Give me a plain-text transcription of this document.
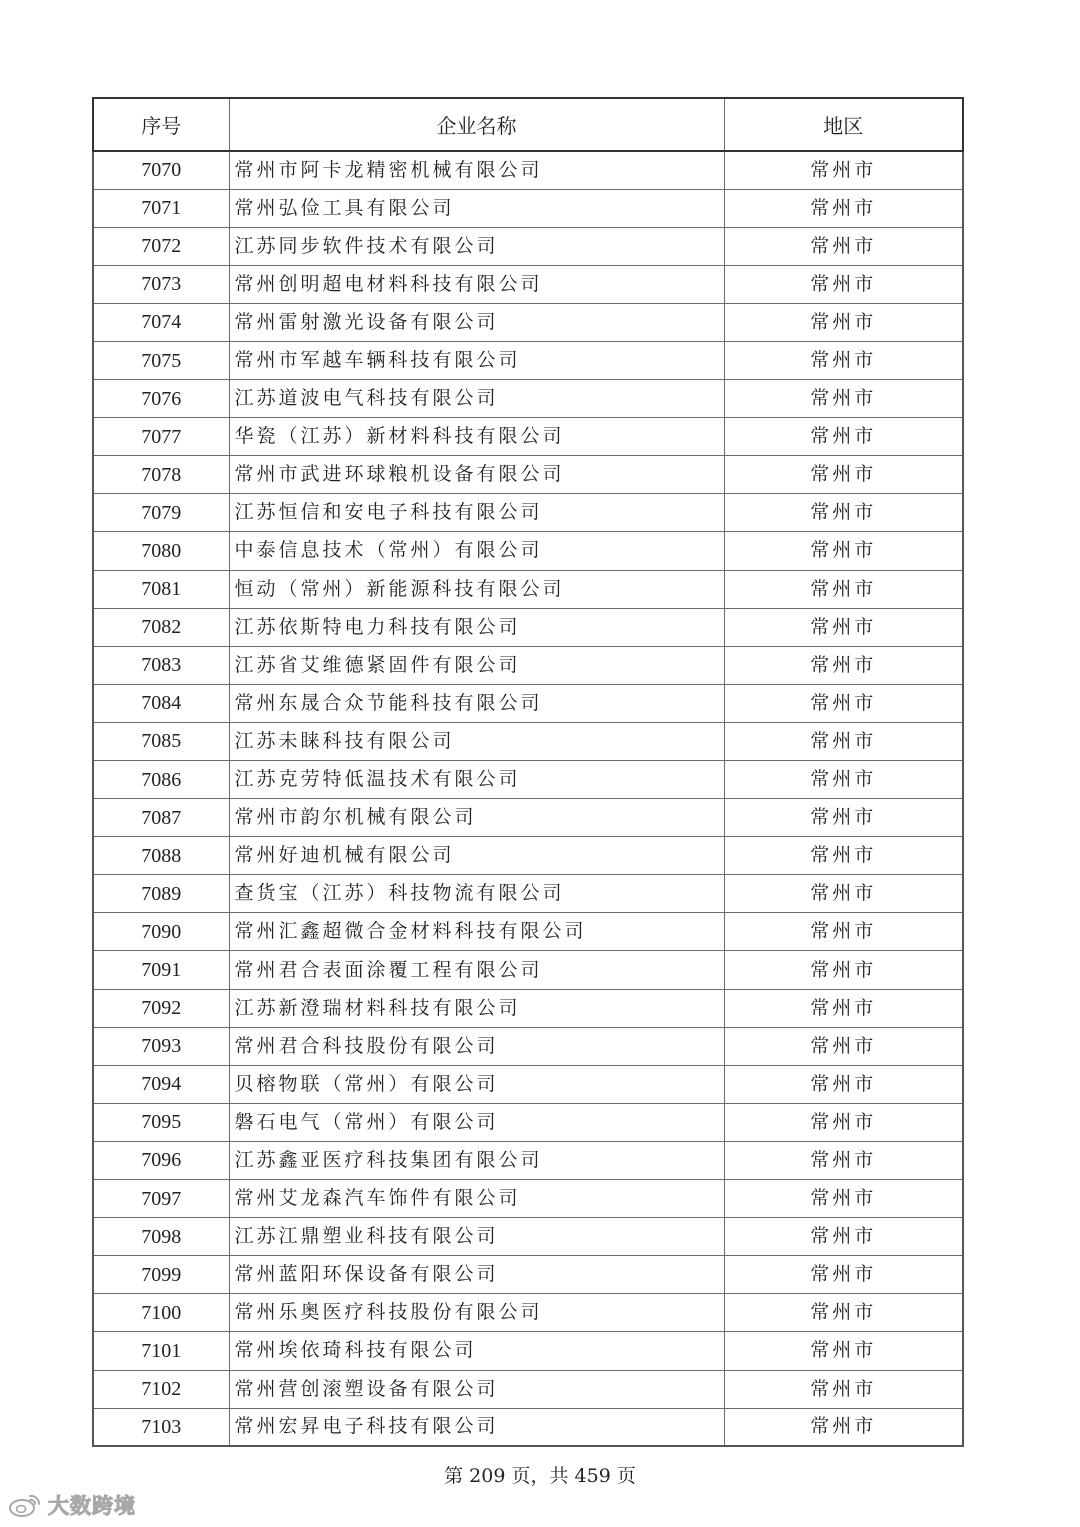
序号	企业名称	地区
7070	常州市阿卡龙精密机械有限公司	常州市
7071	常州弘俭工具有限公司	常州市
7072	江苏同步软件技术有限公司	常州市
7073	常州创明超电材料科技有限公司	常州市
7074	常州雷射激光设备有限公司	常州市
7075	常州市军越车辆科技有限公司	常州市
7076	江苏道波电气科技有限公司	常州市
7077	华瓷（江苏）新材料科技有限公司	常州市
7078	常州市武进环球粮机设备有限公司	常州市
7079	江苏恒信和安电子科技有限公司	常州市
7080	中泰信息技术（常州）有限公司	常州市
7081	恒动（常州）新能源科技有限公司	常州市
7082	江苏依斯特电力科技有限公司	常州市
7083	江苏省艾维德紧固件有限公司	常州市
7084	常州东晟合众节能科技有限公司	常州市
7085	江苏未睐科技有限公司	常州市
7086	江苏克劳特低温技术有限公司	常州市
7087	常州市韵尔机械有限公司	常州市
7088	常州好迪机械有限公司	常州市
7089	查货宝（江苏）科技物流有限公司	常州市
7090	常州汇鑫超微合金材料科技有限公司	常州市
7091	常州君合表面涂覆工程有限公司	常州市
7092	江苏新澄瑞材料科技有限公司	常州市
7093	常州君合科技股份有限公司	常州市
7094	贝榕物联（常州）有限公司	常州市
7095	磐石电气（常州）有限公司	常州市
7096	江苏鑫亚医疗科技集团有限公司	常州市
7097	常州艾龙森汽车饰件有限公司	常州市
7098	江苏江鼎塑业科技有限公司	常州市
7099	常州蓝阳环保设备有限公司	常州市
7100	常州乐奥医疗科技股份有限公司	常州市
7101	常州埃依琦科技有限公司	常州市
7102	常州营创滚塑设备有限公司	常州市
7103	常州宏昇电子科技有限公司	常州市
第 209 页，共 459 页
大数跨境
